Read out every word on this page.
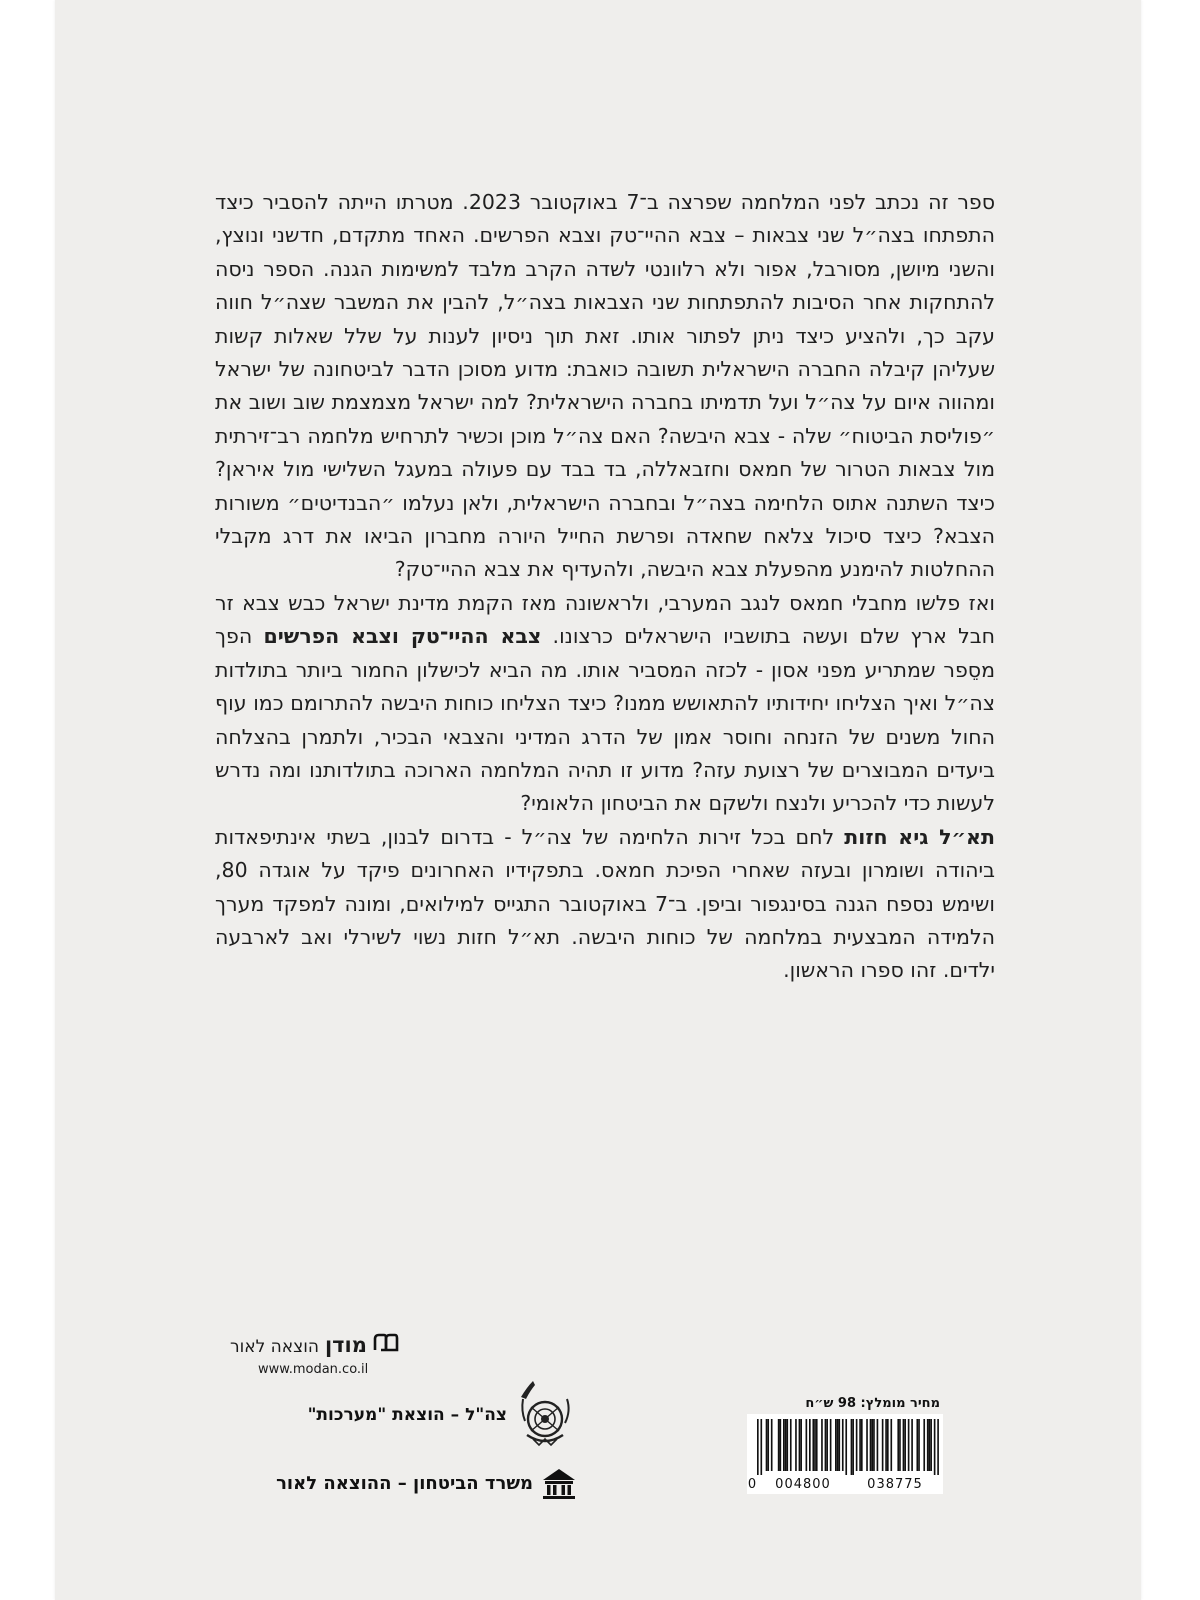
ספר זה נכתב לפני המלחמה שפרצה ב־7 באוקטובר 2023. מטרתו הייתה להסביר כיצד התפתחו בצה״ל שני צבאות – צבא ההיי־טק וצבא הפרשים. האחד מתקדם, חדשני ונוצץ, והשני מיושן, מסורבל, אפור ולא רלוונטי לשדה הקרב מלבד למשימות הגנה. הספר ניסה להתחקות אחר הסיבות להתפתחות שני הצבאות בצה״ל, להבין את המשבר שצה״ל חווה עקב כך, ולהציע כיצד ניתן לפתור אותו. זאת תוך ניסיון לענות על שלל שאלות קשות שעליהן קיבלה החברה הישראלית תשובה כואבת: מדוע מסוכן הדבר לביטחונה של ישראל ומהווה איום על צה״ל ועל תדמיתו בחברה הישראלית? למה ישראל מצמצמת שוב ושוב את ״פוליסת הביטוח״ שלה - צבא היבשה? האם צה״ל מוכן וכשיר לתרחיש מלחמה רב־זירתית מול צבאות הטרור של חמאס וחזבאללה, בד בבד עם פעולה במעגל השלישי מול איראן? כיצד השתנה אתוס הלחימה בצה״ל ובחברה הישראלית, ולאן נעלמו ״הבנדיטים״ משורות הצבא? כיצד סיכול צלאח שחאדה ופרשת החייל היורה מחברון הביאו את דרג מקבלי ההחלטות להימנע מהפעלת צבא היבשה, ולהעדיף את צבא ההיי־טק?

ואז פלשו מחבלי חמאס לנגב המערבי, ולראשונה מאז הקמת מדינת ישראל כבש צבא זר חבל ארץ שלם ועשה בתושביו הישראלים כרצונו. צבא ההיי־טק וצבא הפרשים הפך מסֵפר שמתריע מפני אסון - לכזה המסביר אותו. מה הביא לכישלון החמור ביותר בתולדות צה״ל ואיך הצליחו יחידותיו להתאושש ממנו? כיצד הצליחו כוחות היבשה להתרומם כמו עוף החול משנים של הזנחה וחוסר אמון של הדרג המדיני והצבאי הבכיר, ולתמרן בהצלחה ביעדים המבוצרים של רצועת עזה? מדוע זו תהיה המלחמה הארוכה בתולדותנו ומה נדרש לעשות כדי להכריע ולנצח ולשקם את הביטחון הלאומי?

תא״ל גיא חזות לחם בכל זירות הלחימה של צה״ל - בדרום לבנון, בשתי אינתיפאדות ביהודה ושומרון ובעזה שאחרי הפיכת חמאס. בתפקידיו האחרונים פיקד על אוגדה 80, ושימש נספח הגנה בסינגפור וביפן. ב־7 באוקטובר התגייס למילואים, ומונה למפקד מערך הלמידה המבצעית במלחמה של כוחות היבשה. תא״ל חזות נשוי לשירלי ואב לארבעה ילדים. זהו ספרו הראשון.

מודן
הוצאה לאור
www.modan.co.il
צה"ל – הוצאת "מערכות"
משרד הביטחון – ההוצאה לאור
מחיר מומלץ: 98 ש״ח
0	004800	038775
